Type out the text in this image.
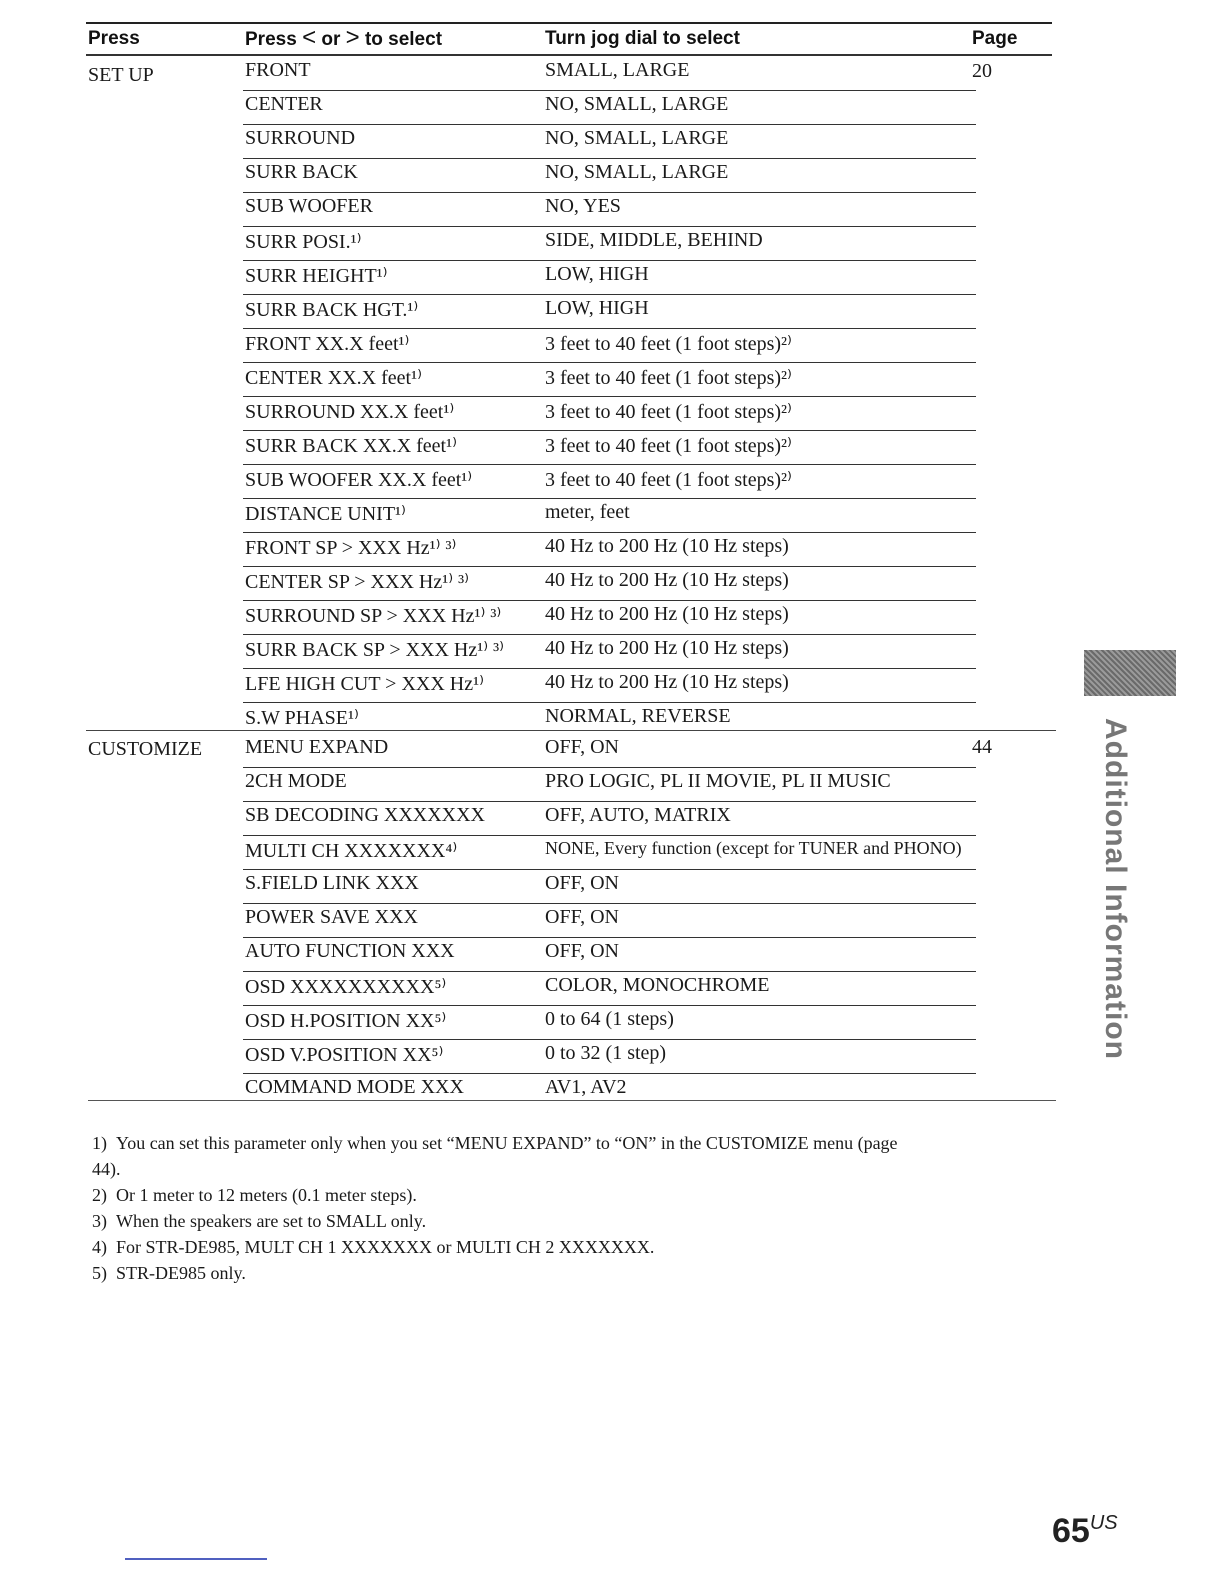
Press	Press < or > to select	Turn jog dial to select	Page
SET UP	20
FRONT	SMALL, LARGE
CENTER	NO, SMALL, LARGE
SURROUND	NO, SMALL, LARGE
SURR BACK	NO, SMALL, LARGE
SUB WOOFER	NO, YES
SURR POSI.¹⁾	SIDE, MIDDLE, BEHIND
SURR HEIGHT¹⁾	LOW, HIGH
SURR BACK HGT.¹⁾	LOW, HIGH
FRONT XX.X feet¹⁾	3 feet to 40 feet (1 foot steps)²⁾
CENTER XX.X feet¹⁾	3 feet to 40 feet (1 foot steps)²⁾
SURROUND XX.X feet¹⁾	3 feet to 40 feet (1 foot steps)²⁾
SURR BACK XX.X feet¹⁾	3 feet to 40 feet (1 foot steps)²⁾
SUB WOOFER XX.X feet¹⁾	3 feet to 40 feet (1 foot steps)²⁾
DISTANCE UNIT¹⁾	meter, feet
FRONT SP > XXX Hz¹⁾ ³⁾	40 Hz to 200 Hz (10 Hz steps)
CENTER SP > XXX Hz¹⁾ ³⁾	40 Hz to 200 Hz (10 Hz steps)
SURROUND SP > XXX Hz¹⁾ ³⁾ 40 Hz to 200 Hz (10 Hz steps)
SURR BACK SP > XXX Hz¹⁾ ³⁾ 40 Hz to 200 Hz (10 Hz steps)
LFE HIGH CUT > XXX Hz¹⁾	40 Hz to 200 Hz (10 Hz steps)
S.W PHASE¹⁾	NORMAL, REVERSE
CUSTOMIZE	44
MENU EXPAND	OFF, ON
2CH MODE	PRO LOGIC, PL II MOVIE, PL II MUSIC
SB DECODING XXXXXXX	OFF, AUTO, MATRIX
MULTI CH XXXXXXX⁴⁾	NONE, Every function (except for TUNER and PHONO)
S.FIELD LINK XXX	OFF, ON
POWER SAVE XXX	OFF, ON
AUTO FUNCTION XXX	OFF, ON
OSD XXXXXXXXXX⁵⁾	COLOR, MONOCHROME
OSD H.POSITION XX⁵⁾	0 to 64 (1 steps)
OSD V.POSITION XX⁵⁾	0 to 32 (1 step)
COMMAND MODE XXX	AV1, AV2

1) You can set this parameter only when you set “MENU EXPAND” to “ON” in the CUSTOMIZE menu (page

44).

2) Or 1 meter to 12 meters (0.1 meter steps).

3) When the speakers are set to SMALL only.

4) For STR-DE985, MULT CH 1 XXXXXXX or MULTI CH 2 XXXXXXX.

5) STR-DE985 only.

Additional Information
$65^{US}$
